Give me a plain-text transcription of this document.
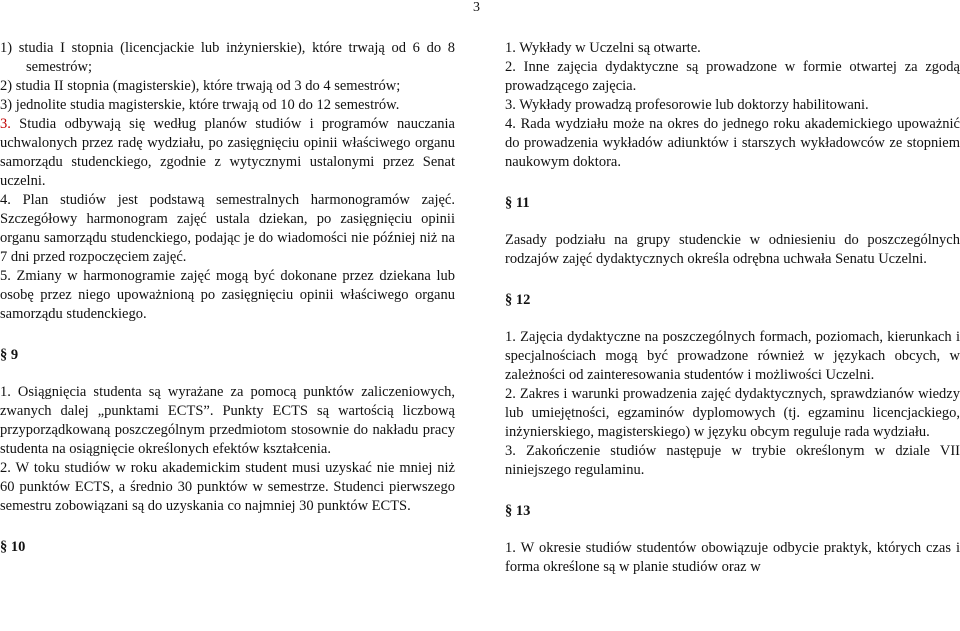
3

1) studia I stopnia (licencjackie lub inżynierskie), które trwają od 6 do 8 semestrów;

2) studia II stopnia (magisterskie), które trwają od 3 do 4 semestrów;

3) jednolite studia magisterskie, które trwają od 10 do 12 semestrów.

3. Studia odbywają się według planów studiów i programów nauczania uchwalonych przez radę wydziału, po zasięgnięciu opinii właściwego organu samorządu studenckiego, zgodnie z wytycznymi ustalonymi przez Senat uczelni.

4. Plan studiów jest podstawą semestralnych harmonogramów zajęć. Szczegółowy harmonogram zajęć ustala dziekan, po zasięgnięciu opinii organu samorządu studenckiego, podając je do wiadomości nie później niż na 7 dni przed rozpoczęciem zajęć.

5. Zmiany w harmonogramie zajęć mogą być dokonane przez dziekana lub osobę przez niego upoważnioną po zasięgnięciu opinii właściwego organu samorządu studenckiego.

§ 9

1. Osiągnięcia studenta są wyrażane za pomocą punktów zaliczeniowych, zwanych dalej „punktami ECTS”. Punkty ECTS są wartością liczbową przyporządkowaną poszczególnym przedmiotom stosownie do nakładu pracy studenta na osiągnięcie określonych efektów kształcenia.

2. W toku studiów w roku akademickim student musi uzyskać nie mniej niż 60 punktów ECTS, a średnio 30 punktów w semestrze. Studenci pierwszego semestru zobowiązani są do uzyskania co najmniej 30 punktów ECTS.

§ 10

1. Wykłady w Uczelni są otwarte.

2. Inne zajęcia dydaktyczne są prowadzone w formie otwartej za zgodą prowadzącego zajęcia.

3. Wykłady prowadzą profesorowie lub doktorzy habilitowani.

4. Rada wydziału może na okres do jednego roku akademickiego upoważnić do prowadzenia wykładów adiunktów i starszych wykładowców ze stopniem naukowym doktora.

§ 11

Zasady podziału na grupy studenckie w odniesieniu do poszczególnych rodzajów zajęć dydaktycznych określa odrębna uchwała Senatu Uczelni.

§ 12

1. Zajęcia dydaktyczne na poszczególnych formach, poziomach, kierunkach i specjalnościach mogą być prowadzone również w językach obcych, w zależności od zainteresowania studentów i możliwości Uczelni.

2. Zakres i warunki prowadzenia zajęć dydaktycznych, sprawdzianów wiedzy lub umiejętności, egzaminów dyplomowych (tj. egzaminu licencjackiego, inżynierskiego, magisterskiego) w języku obcym reguluje rada wydziału.

3. Zakończenie studiów następuje w trybie określonym w dziale VII niniejszego regulaminu.

§ 13

1. W okresie studiów studentów obowiązuje odbycie praktyk, których czas i forma określone są w planie studiów oraz w
